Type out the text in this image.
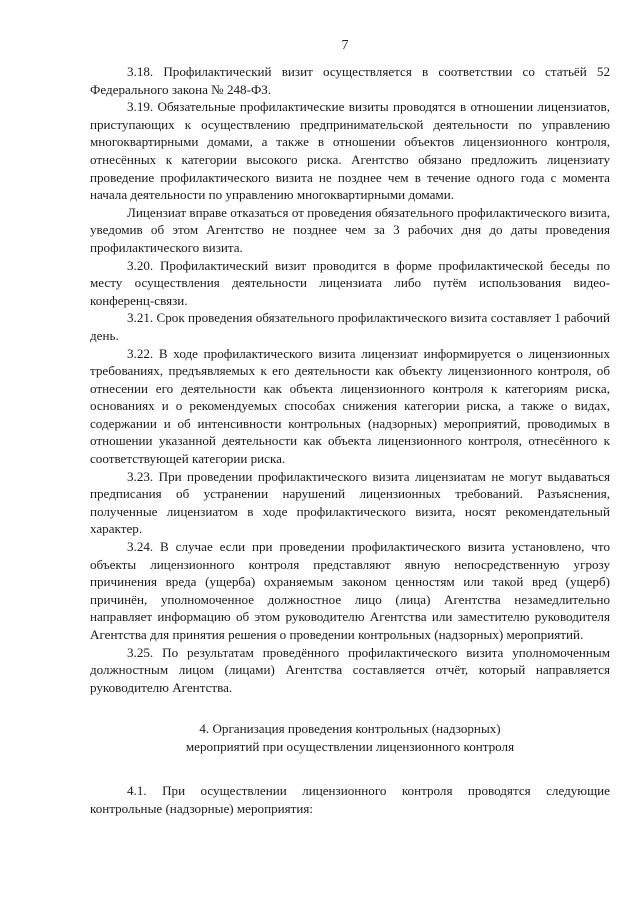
7

3.18. Профилактический визит осуществляется в соответствии со статьёй 52 Федерального закона № 248-ФЗ.

3.19. Обязательные профилактические визиты проводятся в отношении лицензиатов, приступающих к осуществлению предпринимательской деятельности по управлению многоквартирными домами, а также в отношении объектов лицензионного контроля, отнесённых к категории высокого риска. Агентство обязано предложить лицензиату проведение профилактического визита не позднее чем в течение одного года с момента начала деятельности по управлению многоквартирными домами.

Лицензиат вправе отказаться от проведения обязательного профилактического визита, уведомив об этом Агентство не позднее чем за 3 рабочих дня до даты проведения профилактического визита.

3.20. Профилактический визит проводится в форме профилактической беседы по месту осуществления деятельности лицензиата либо путём использования видео-конференц-связи.

3.21. Срок проведения обязательного профилактического визита составляет 1 рабочий день.

3.22. В ходе профилактического визита лицензиат информируется о лицензионных требованиях, предъявляемых к его деятельности как объекту лицензионного контроля, об отнесении его деятельности как объекта лицензионного контроля к категориям риска, основаниях и о рекомендуемых способах снижения категории риска, а также о видах, содержании и об интенсивности контрольных (надзорных) мероприятий, проводимых в отношении указанной деятельности как объекта лицензионного контроля, отнесённого к соответствующей категории риска.

3.23. При проведении профилактического визита лицензиатам не могут выдаваться предписания об устранении нарушений лицензионных требований. Разъяснения, полученные лицензиатом в ходе профилактического визита, носят рекомендательный характер.

3.24. В случае если при проведении профилактического визита установлено, что объекты лицензионного контроля представляют явную непосредственную угрозу причинения вреда (ущерба) охраняемым законом ценностям или такой вред (ущерб) причинён, уполномоченное должностное лицо (лица) Агентства незамедлительно направляет информацию об этом руководителю Агентства или заместителю руководителя Агентства для принятия решения о проведении контрольных (надзорных) мероприятий.

3.25. По результатам проведённого профилактического визита уполномоченным должностным лицом (лицами) Агентства составляется отчёт, который направляется руководителю Агентства.

4. Организация проведения контрольных (надзорных)
мероприятий при осуществлении лицензионного контроля

4.1. При осуществлении лицензионного контроля проводятся следующие контрольные (надзорные) мероприятия:
